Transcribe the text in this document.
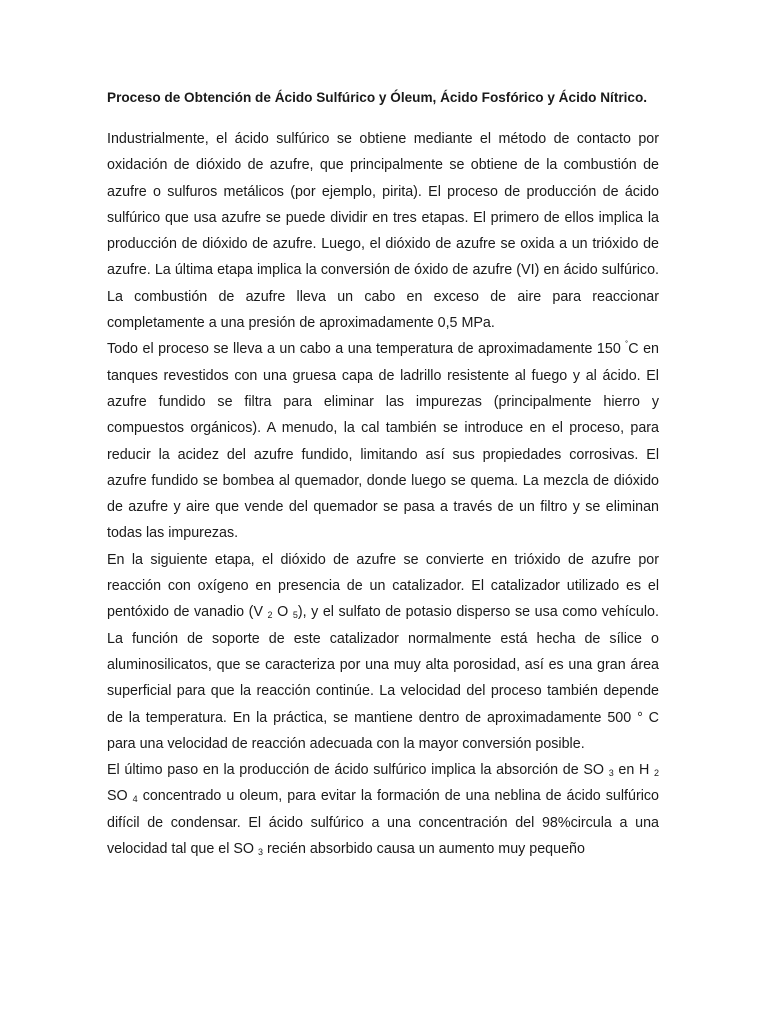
Proceso de Obtención de Ácido Sulfúrico y Óleum, Ácido Fosfórico y Ácido Nítrico.

Industrialmente, el ácido sulfúrico se obtiene mediante el método de contacto por oxidación de dióxido de azufre, que principalmente se obtiene de la combustión de azufre o sulfuros metálicos (por ejemplo, pirita). El proceso de producción de ácido sulfúrico que usa azufre se puede dividir en tres etapas. El primero de ellos implica la producción de dióxido de azufre. Luego, el dióxido de azufre se oxida a un trióxido de azufre. La última etapa implica la conversión de óxido de azufre (VI) en ácido sulfúrico. La combustión de azufre lleva un cabo en exceso de aire para reaccionar completamente a una presión de aproximadamente 0,5 MPa.

Todo el proceso se lleva a un cabo a una temperatura de aproximadamente 150 ˚C en tanques revestidos con una gruesa capa de ladrillo resistente al fuego y al ácido. El azufre fundido se filtra para eliminar las impurezas (principalmente hierro y compuestos orgánicos). A menudo, la cal también se introduce en el proceso, para reducir la acidez del azufre fundido, limitando así sus propiedades corrosivas. El azufre fundido se bombea al quemador, donde luego se quema. La mezcla de dióxido de azufre y aire que vende del quemador se pasa a través de un filtro y se eliminan todas las impurezas.

En la siguiente etapa, el dióxido de azufre se convierte en trióxido de azufre por reacción con oxígeno en presencia de un catalizador. El catalizador utilizado es el pentóxido de vanadio (V $_2$ O $_5$), y el sulfato de potasio disperso se usa como vehículo. La función de soporte de este catalizador normalmente está hecha de sílice o aluminosilicatos, que se caracteriza por una muy alta porosidad, así es una gran área superficial para que la reacción continúe. La velocidad del proceso también depende de la temperatura. En la práctica, se mantiene dentro de aproximadamente 500 ° C para una velocidad de reacción adecuada con la mayor conversión posible.

El último paso en la producción de ácido sulfúrico implica la absorción de SO $_3$ en H $_2$ SO $_4$ concentrado u oleum, para evitar la formación de una neblina de ácido sulfúrico difícil de condensar. El ácido sulfúrico a una concentración del 98%circula a una velocidad tal que el SO $_3$ recién absorbido causa un aumento muy pequeño
